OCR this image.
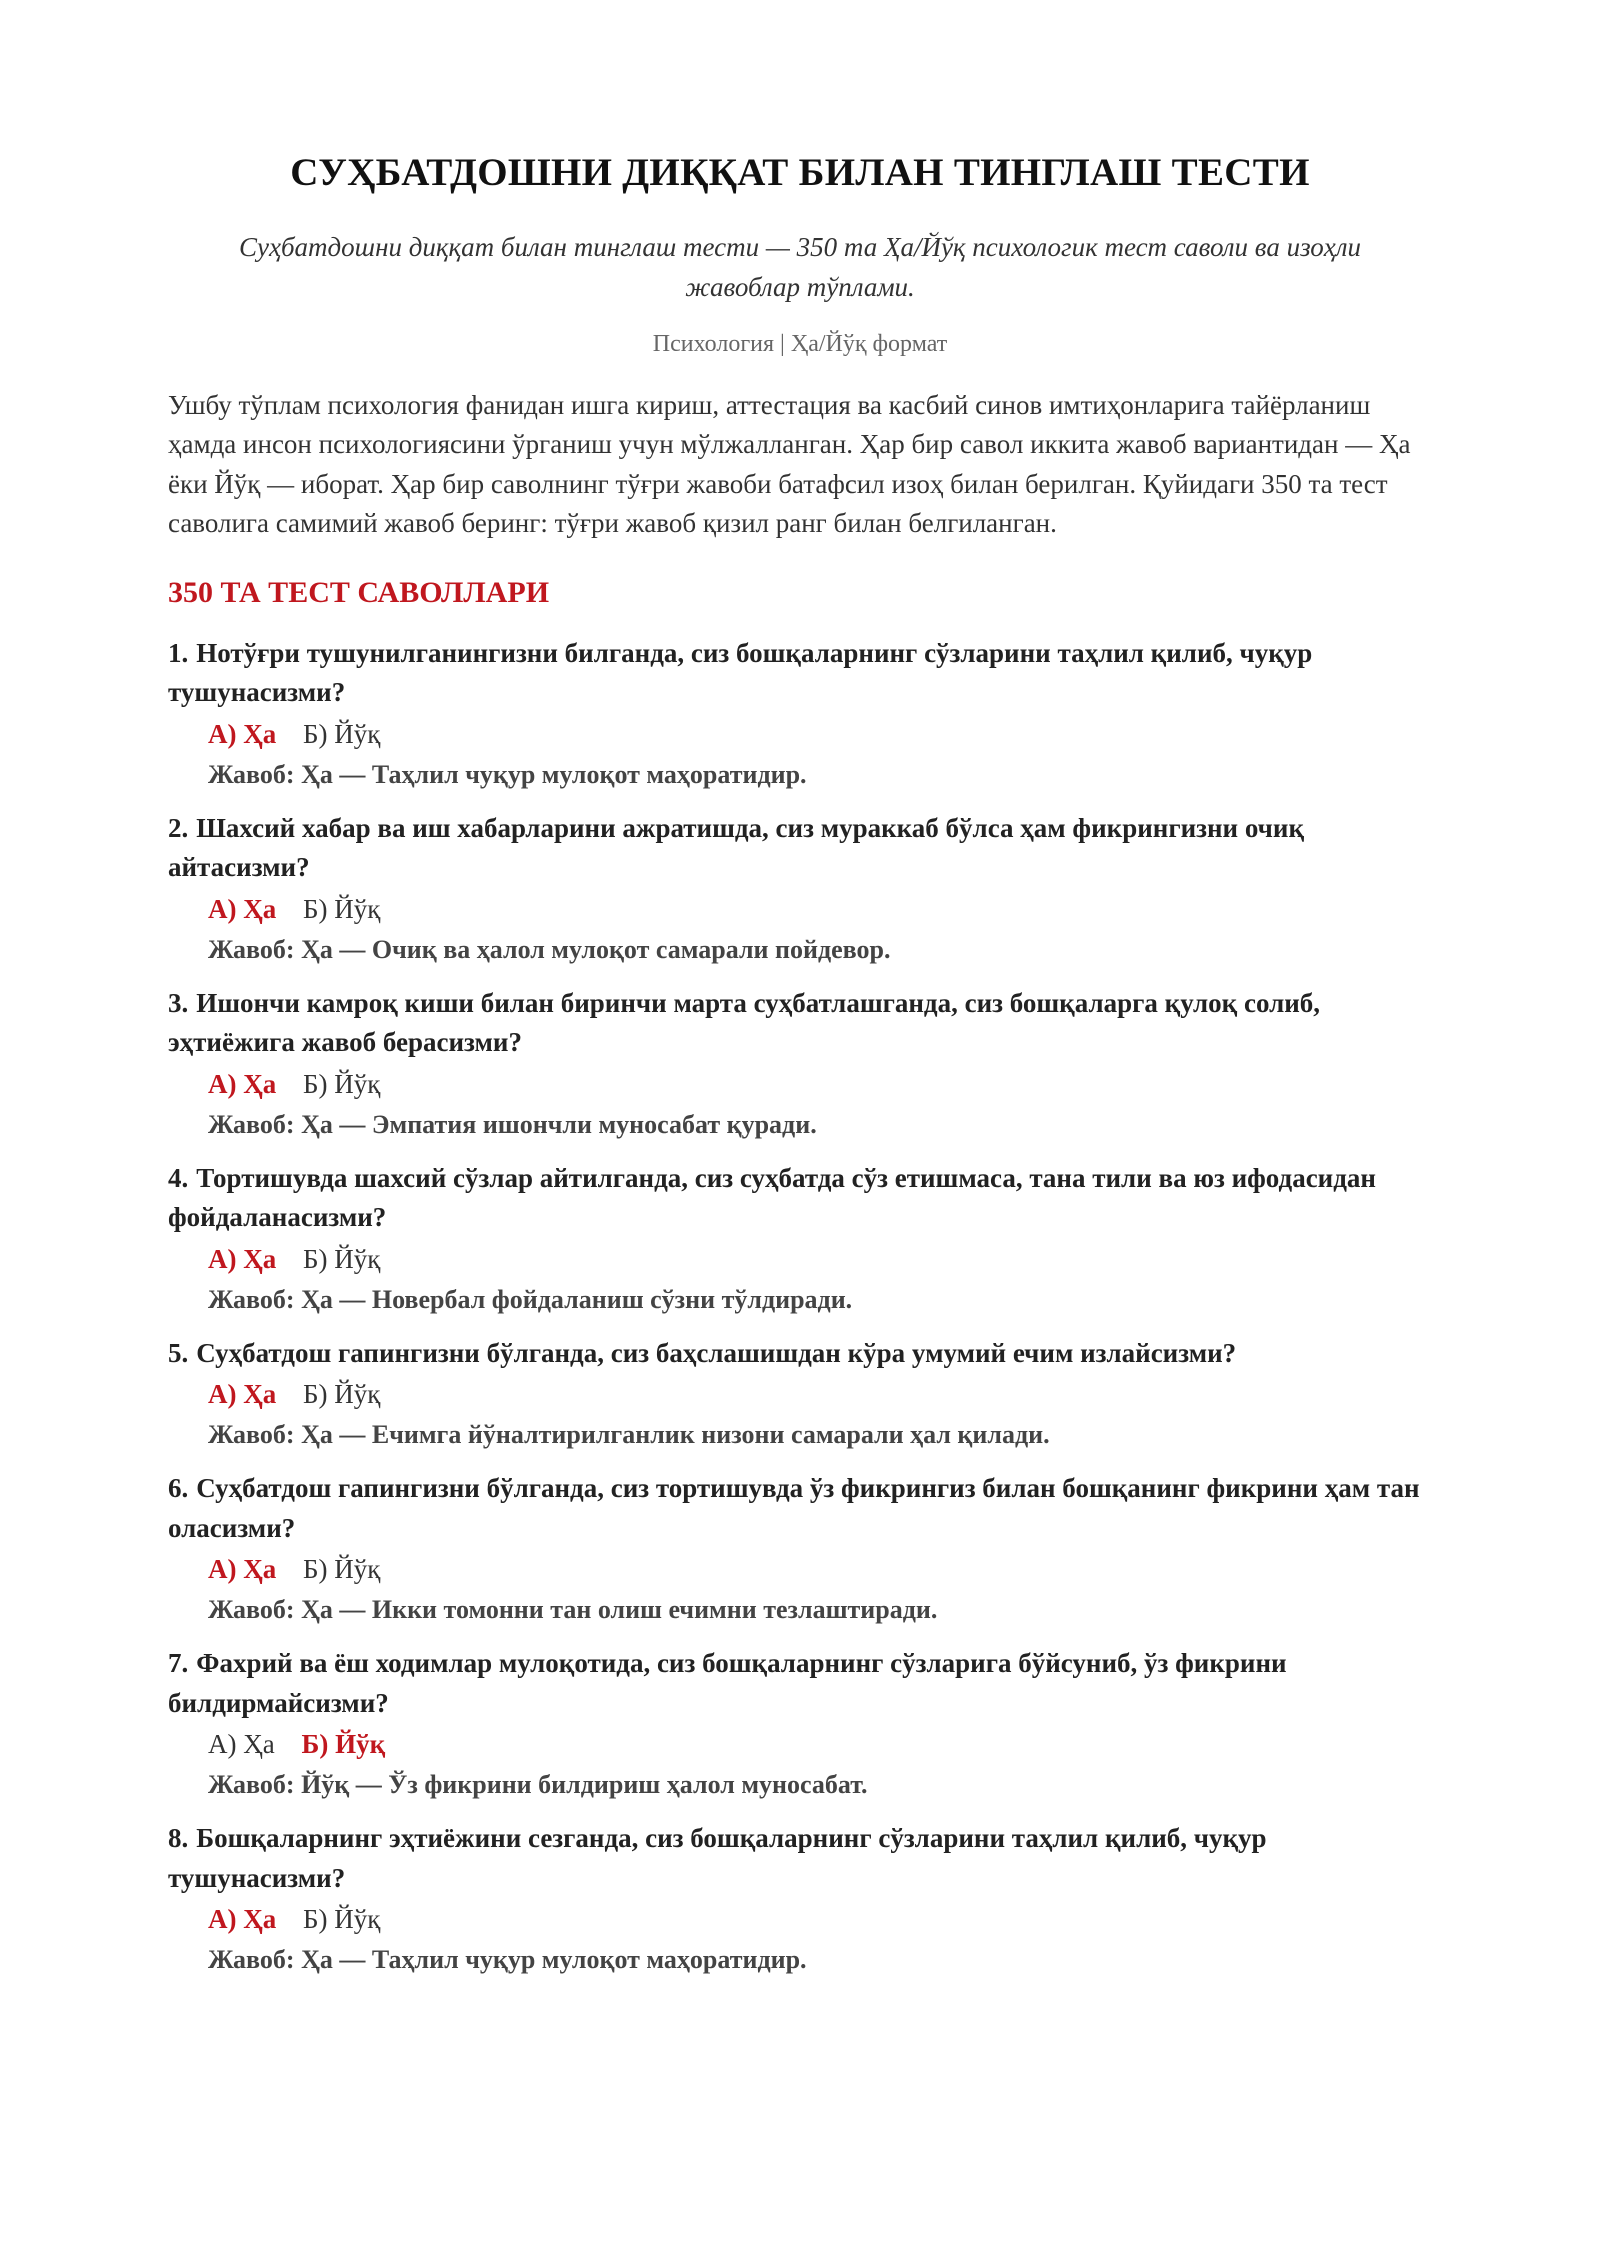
СУҲБАТДОШНИ ДИҚҚАТ БИЛАН ТИНГЛАШ ТЕСТИ
Суҳбатдошни диққат билан тинглаш тести — 350 та Ҳа/Йўқ психологик тест саволи ва изоҳли жавоблар тўплами.
Психология | Ҳа/Йўқ формат
Ушбу тўплам психология фанидан ишга кириш, аттестация ва касбий синов имтиҳонларига тайёрланиш ҳамда инсон психологиясини ўрганиш учун мўлжалланган. Ҳар бир савол иккита жавоб вариантидан — Ҳа ёки Йўқ — иборат. Ҳар бир саволнинг тўғри жавоби батафсил изоҳ билан берилган. Қуйидаги 350 та тест саволига самимий жавоб беринг: тўғри жавоб қизил ранг билан белгиланган.
350 ТА ТЕСТ САВОЛЛАРИ
1. Нотўғри тушунилганингизни билганда, сиз бошқаларнинг сўзларини таҳлил қилиб, чуқур тушунасизми?
А) Ҳа Б) Йўқ
Жавоб: Ҳа — Таҳлил чуқур мулоқот маҳоратидир.
2. Шахсий хабар ва иш хабарларини ажратишда, сиз мураккаб бўлса ҳам фикрингизни очиқ айтасизми?
А) Ҳа Б) Йўқ
Жавоб: Ҳа — Очиқ ва ҳалол мулоқот самарали пойдевор.
3. Ишончи камроқ киши билан биринчи марта суҳбатлашганда, сиз бошқаларга қулоқ солиб, эҳтиёжига жавоб берасизми?
А) Ҳа Б) Йўқ
Жавоб: Ҳа — Эмпатия ишончли муносабат қуради.
4. Тортишувда шахсий сўзлар айтилганда, сиз суҳбатда сўз етишмаса, тана тили ва юз ифодасидан фойдаланасизми?
А) Ҳа Б) Йўқ
Жавоб: Ҳа — Новербал фойдаланиш сўзни тўлдиради.
5. Суҳбатдош гапингизни бўлганда, сиз баҳслашишдан кўра умумий ечим излайсизми?
А) Ҳа Б) Йўқ
Жавоб: Ҳа — Ечимга йўналтирилганлик низони самарали ҳал қилади.
6. Суҳбатдош гапингизни бўлганда, сиз тортишувда ўз фикрингиз билан бошқанинг фикрини ҳам тан оласизми?
А) Ҳа Б) Йўқ
Жавоб: Ҳа — Икки томонни тан олиш ечимни тезлаштиради.
7. Фахрий ва ёш ходимлар мулоқотида, сиз бошқаларнинг сўзларига бўйсуниб, ўз фикрини билдирмайсизми?
А) Ҳа Б) Йўқ
Жавоб: Йўқ — Ўз фикрини билдириш ҳалол муносабат.
8. Бошқаларнинг эҳтиёжини сезганда, сиз бошқаларнинг сўзларини таҳлил қилиб, чуқур тушунасизми?
А) Ҳа Б) Йўқ
Жавоб: Ҳа — Таҳлил чуқур мулоқот маҳоратидир.
